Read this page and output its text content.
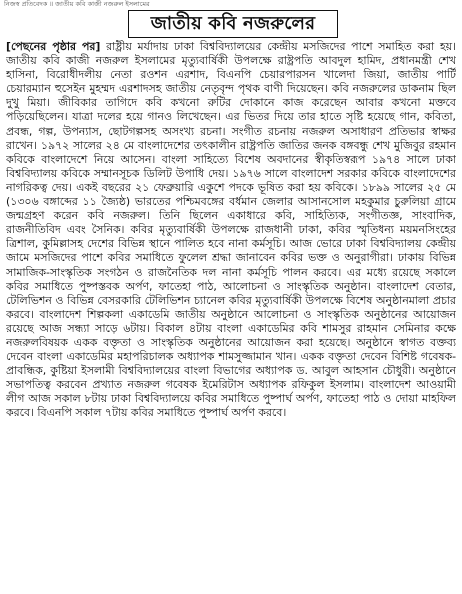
নিজস্ব প্রতিবেদক ॥ জাতীয় কবি কাজী নজরুল ইসলামের
জাতীয় কবি নজরুলের

[পেছনের পৃষ্ঠার পর] রাষ্ট্রীয় মর্যাদায় ঢাকা বিশ্ববিদ্যালয়ের কেন্দ্রীয় মসজিদের পাশে সমাহিত করা হয়। জাতীয় কবি কাজী নজরুল ইসলামের মৃত্যুবার্ষিকী উপলক্ষে রাষ্ট্রপতি আবদুল হামিদ, প্রধানমন্ত্রী শেখ হাসিনা, বিরোধীদলীয় নেতা রওশন এরশাদ, বিএনপি চেয়ারপারসন খালেদা জিয়া, জাতীয় পার্টি চেয়ারম্যান হুসেইন মুহম্মদ এরশাদসহ জাতীয় নেতৃবৃন্দ পৃথক বাণী দিয়েছেন। কবি নজরুলের ডাকনাম ছিল দুখু মিয়া। জীবিকার তাগিদে কবি কখনো রুটির দোকানে কাজ করেছেন আবার কখনো মক্তবে পড়িয়েছিলেন। যাত্রা দলের হয়ে গানও লিখেছেন। এর ভিতর দিয়ে তার হাতে সৃষ্টি হয়েছে গান, কবিতা, প্রবন্ধ, গল্প, উপন্যাস, ছোটগল্পসহ অসংখ্য রচনা। সংগীত রচনায় নজরুল অসাধারণ প্রতিভার স্বাক্ষর রাখেন। ১৯৭২ সালের ২৪ মে বাংলাদেশের তৎকালীন রাষ্ট্রপতি জাতির জনক বঙ্গবন্ধু শেখ মুজিবুর রহমান কবিকে বাংলাদেশে নিয়ে আসেন। বাংলা সাহিত্যে বিশেষ অবদানের স্বীকৃতিস্বরূপ ১৯৭৪ সালে ঢাকা বিশ্ববিদ্যালয় কবিকে সম্মানসূচক ডিলিট উপাধি দেয়। ১৯৭৬ সালে বাংলাদেশ সরকার কবিকে বাংলাদেশের নাগরিকত্ব দেয়। একই বছরের ২১ ফেব্রুয়ারি একুশে পদকে ভূষিত করা হয় কবিকে। ১৮৯৯ সালের ২৫ মে (১৩০৬ বঙ্গাব্দের ১১ জ্যৈষ্ঠ) ভারতের পশ্চিমবঙ্গের বর্ধমান জেলার আসানসোল মহকুমার চুরুলিয়া গ্রামে জন্মগ্রহণ করেন কবি নজরুল। তিনি ছিলেন একাধারে কবি, সাহিত্যিক, সংগীতজ্ঞ, সাংবাদিক, রাজনীতিবিদ এবং সৈনিক। কবির মৃত্যুবার্ষিকী উপলক্ষে রাজধানী ঢাকা, কবির স্মৃতিধন্য ময়মনসিংহের ত্রিশাল, কুমিল্লাসহ দেশের বিভিন্ন স্থানে পালিত হবে নানা কর্মসূচি। আজ ভোরে ঢাকা বিশ্ববিদ্যালয় কেন্দ্রীয় জামে মসজিদের পাশে কবির সমাধিতে ফুলেল শ্রদ্ধা জানাবেন কবির ভক্ত ও অনুরাগীরা। ঢাকায় বিভিন্ন সামাজিক-সাংস্কৃতিক সংগঠন ও রাজনৈতিক দল নানা কর্মসূচি পালন করবে। এর মধ্যে রয়েছে সকালে কবির সমাধিতে পুষ্পস্তবক অর্পণ, ফাতেহা পাঠ, আলোচনা ও সাংস্কৃতিক অনুষ্ঠান। বাংলাদেশ বেতার, টেলিভিশন ও বিভিন্ন বেসরকারি টেলিভিশন চ্যানেল কবির মৃত্যুবার্ষিকী উপলক্ষে বিশেষ অনুষ্ঠানমালা প্রচার করবে। বাংলাদেশ শিল্পকলা একাডেমি জাতীয় অনুষ্ঠানে আলোচনা ও সাংস্কৃতিক অনুষ্ঠানের আয়োজন রয়েছে আজ সন্ধ্যা সাড়ে ৬টায়। বিকাল ৪টায় বাংলা একাডেমির কবি শামসুর রাহমান সেমিনার কক্ষে নজরুলবিষয়ক একক বক্তৃতা ও সাংস্কৃতিক অনুষ্ঠানের আয়োজন করা হয়েছে। অনুষ্ঠানে স্বাগত বক্তব্য দেবেন বাংলা একাডেমির মহাপরিচালক অধ্যাপক শামসুজ্জামান খান। একক বক্তৃতা দেবেন বিশিষ্ট গবেষক-প্রাবন্ধিক, কুষ্টিয়া ইসলামী বিশ্ববিদ্যালয়ের বাংলা বিভাগের অধ্যাপক ড. আবুল আহসান চৌধুরী। অনুষ্ঠানে সভাপতিত্ব করবেন প্রখ্যাত নজরুল গবেষক ইমেরিটাস অধ্যাপক রফিকুল ইসলাম। বাংলাদেশ আওয়ামী লীগ আজ সকাল ৮টায় ঢাকা বিশ্ববিদ্যালয়ে কবির সমাধিতে পুষ্পার্ঘ অর্পণ, ফাতেহা পাঠ ও দোয়া মাহফিল করবে। বিএনপি সকাল ৭টায় কবির সমাধিতে পুষ্পার্ঘ অর্পণ করবে।
